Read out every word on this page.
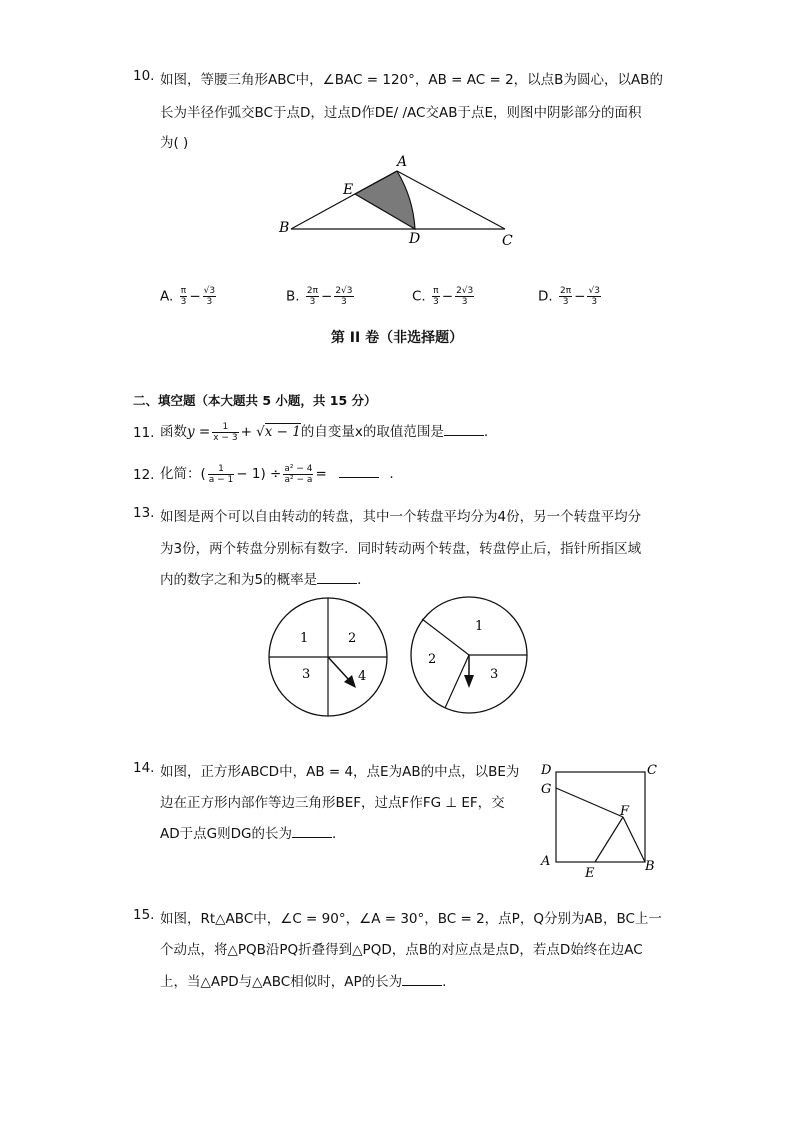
10. 如图，等腰三角形ABC中，∠BAC = 120°，AB = AC = 2，以点B为圆心，以AB的
长为半径作弧交BC于点D，过点D作DE/ /AC交AB于点E，则图中阴影部分的面积
为( )
A
E
B
D	C
A. $\frac{\pi}{3} - \frac{√3}{3}$	B. $\frac{2\pi}{3} - \frac{2√3}{3}$	C. $\frac{\pi}{3} - \frac{2√3}{3}$	D. $\frac{2\pi}{3} - \frac{√3}{3}$
第 II 卷（非选择题）
二、填空题（本大题共 5 小题，共 15 分）
11. 函数$y = \frac{1}{x - 3} + √x - 1$的自变量x的取值范围是	.
12. 化简：( $\frac{1}{a - 1} - 1) \div \frac{\text{a² − 4}}{\text{a² − a}}$ =	.
13. 如图是两个可以自由转动的转盘，其中一个转盘平均分为4份，另一个转盘平均分
为3份，两个转盘分别标有数字．同时转动两个转盘，转盘停止后，指针所指区域
内的数字之和为5的概率是	．
1	2
3	4
1
2
3
14. 如图，正方形ABCD中，AB = 4，点E为AB的中点，以BE为
边在正方形内部作等边三角形BEF，过点F作FG ⊥ EF，交
AD于点G则DG的长为	.
D	C
G
F
A
E	B
15. 如图，Rt△ABC中，∠C = 90°，∠A = 30°，BC = 2，点P，Q分别为AB，BC上一
个动点，将△PQB沿PQ折叠得到△PQD，点B的对应点是点D，若点D始终在边AC
上，当△APD与△ABC相似时，AP的长为	.
